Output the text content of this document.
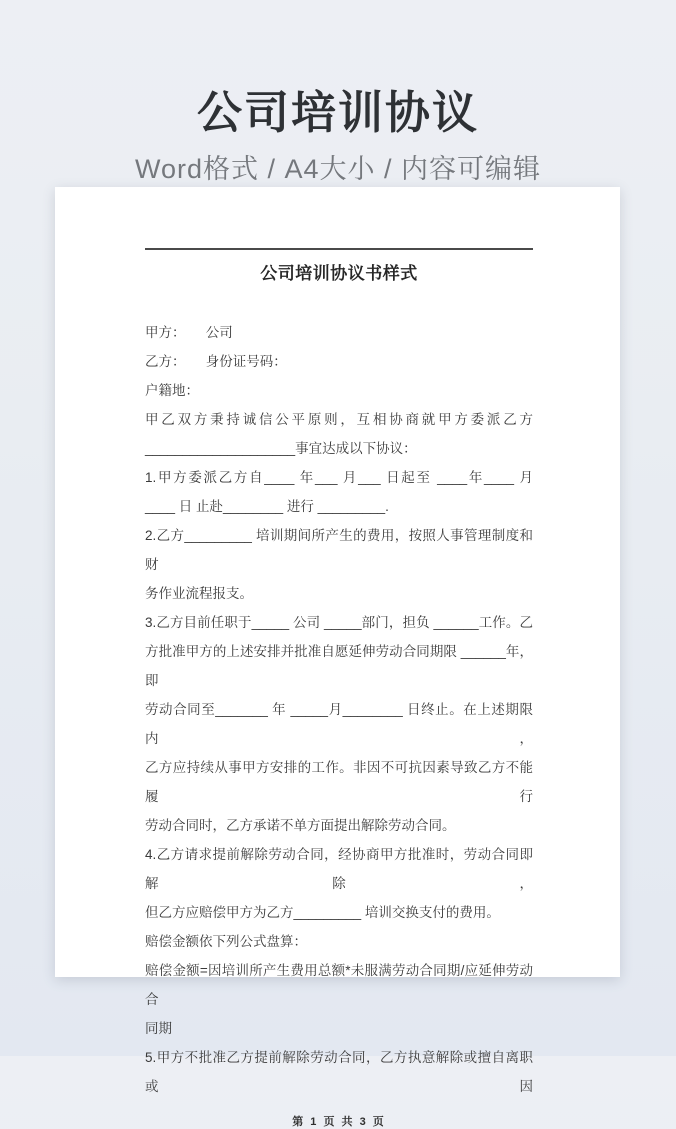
公司培训协议
Word格式 / A4大小 / 内容可编辑
公司培训协议书样式
甲方：　　公司
乙方：　　身份证号码：
户籍地：
甲乙双方秉持诚信公平原则，互相协商就甲方委派乙方
____________________事宜达成以下协议：
1.甲方委派乙方自____ 年___ 月___ 日起至 ____年____ 月
____ 日 止赴________ 进行 _________.
2.乙方_________ 培训期间所产生的费用，按照人事管理制度和财
务作业流程报支。
3.乙方目前任职于_____ 公司 _____部门，担负 ______工作。乙
方批准甲方的上述安排并批准自愿延伸劳动合同期限 ______年，即
劳动合同至_______ 年 _____月________ 日终止。在上述期限内，
乙方应持续从事甲方安排的工作。非因不可抗因素导致乙方不能履行
劳动合同时，乙方承诺不单方面提出解除劳动合同。
4.乙方请求提前解除劳动合同，经协商甲方批准时，劳动合同即解除，
但乙方应赔偿甲方为乙方_________ 培训交换支付的费用。
赔偿金额依下列公式盘算：
赔偿金额=因培训所产生费用总额*未服满劳动合同期/应延伸劳动合
同期
5.甲方不批准乙方提前解除劳动合同，乙方执意解除或擅自离职或因
第 1 页 共 3 页
